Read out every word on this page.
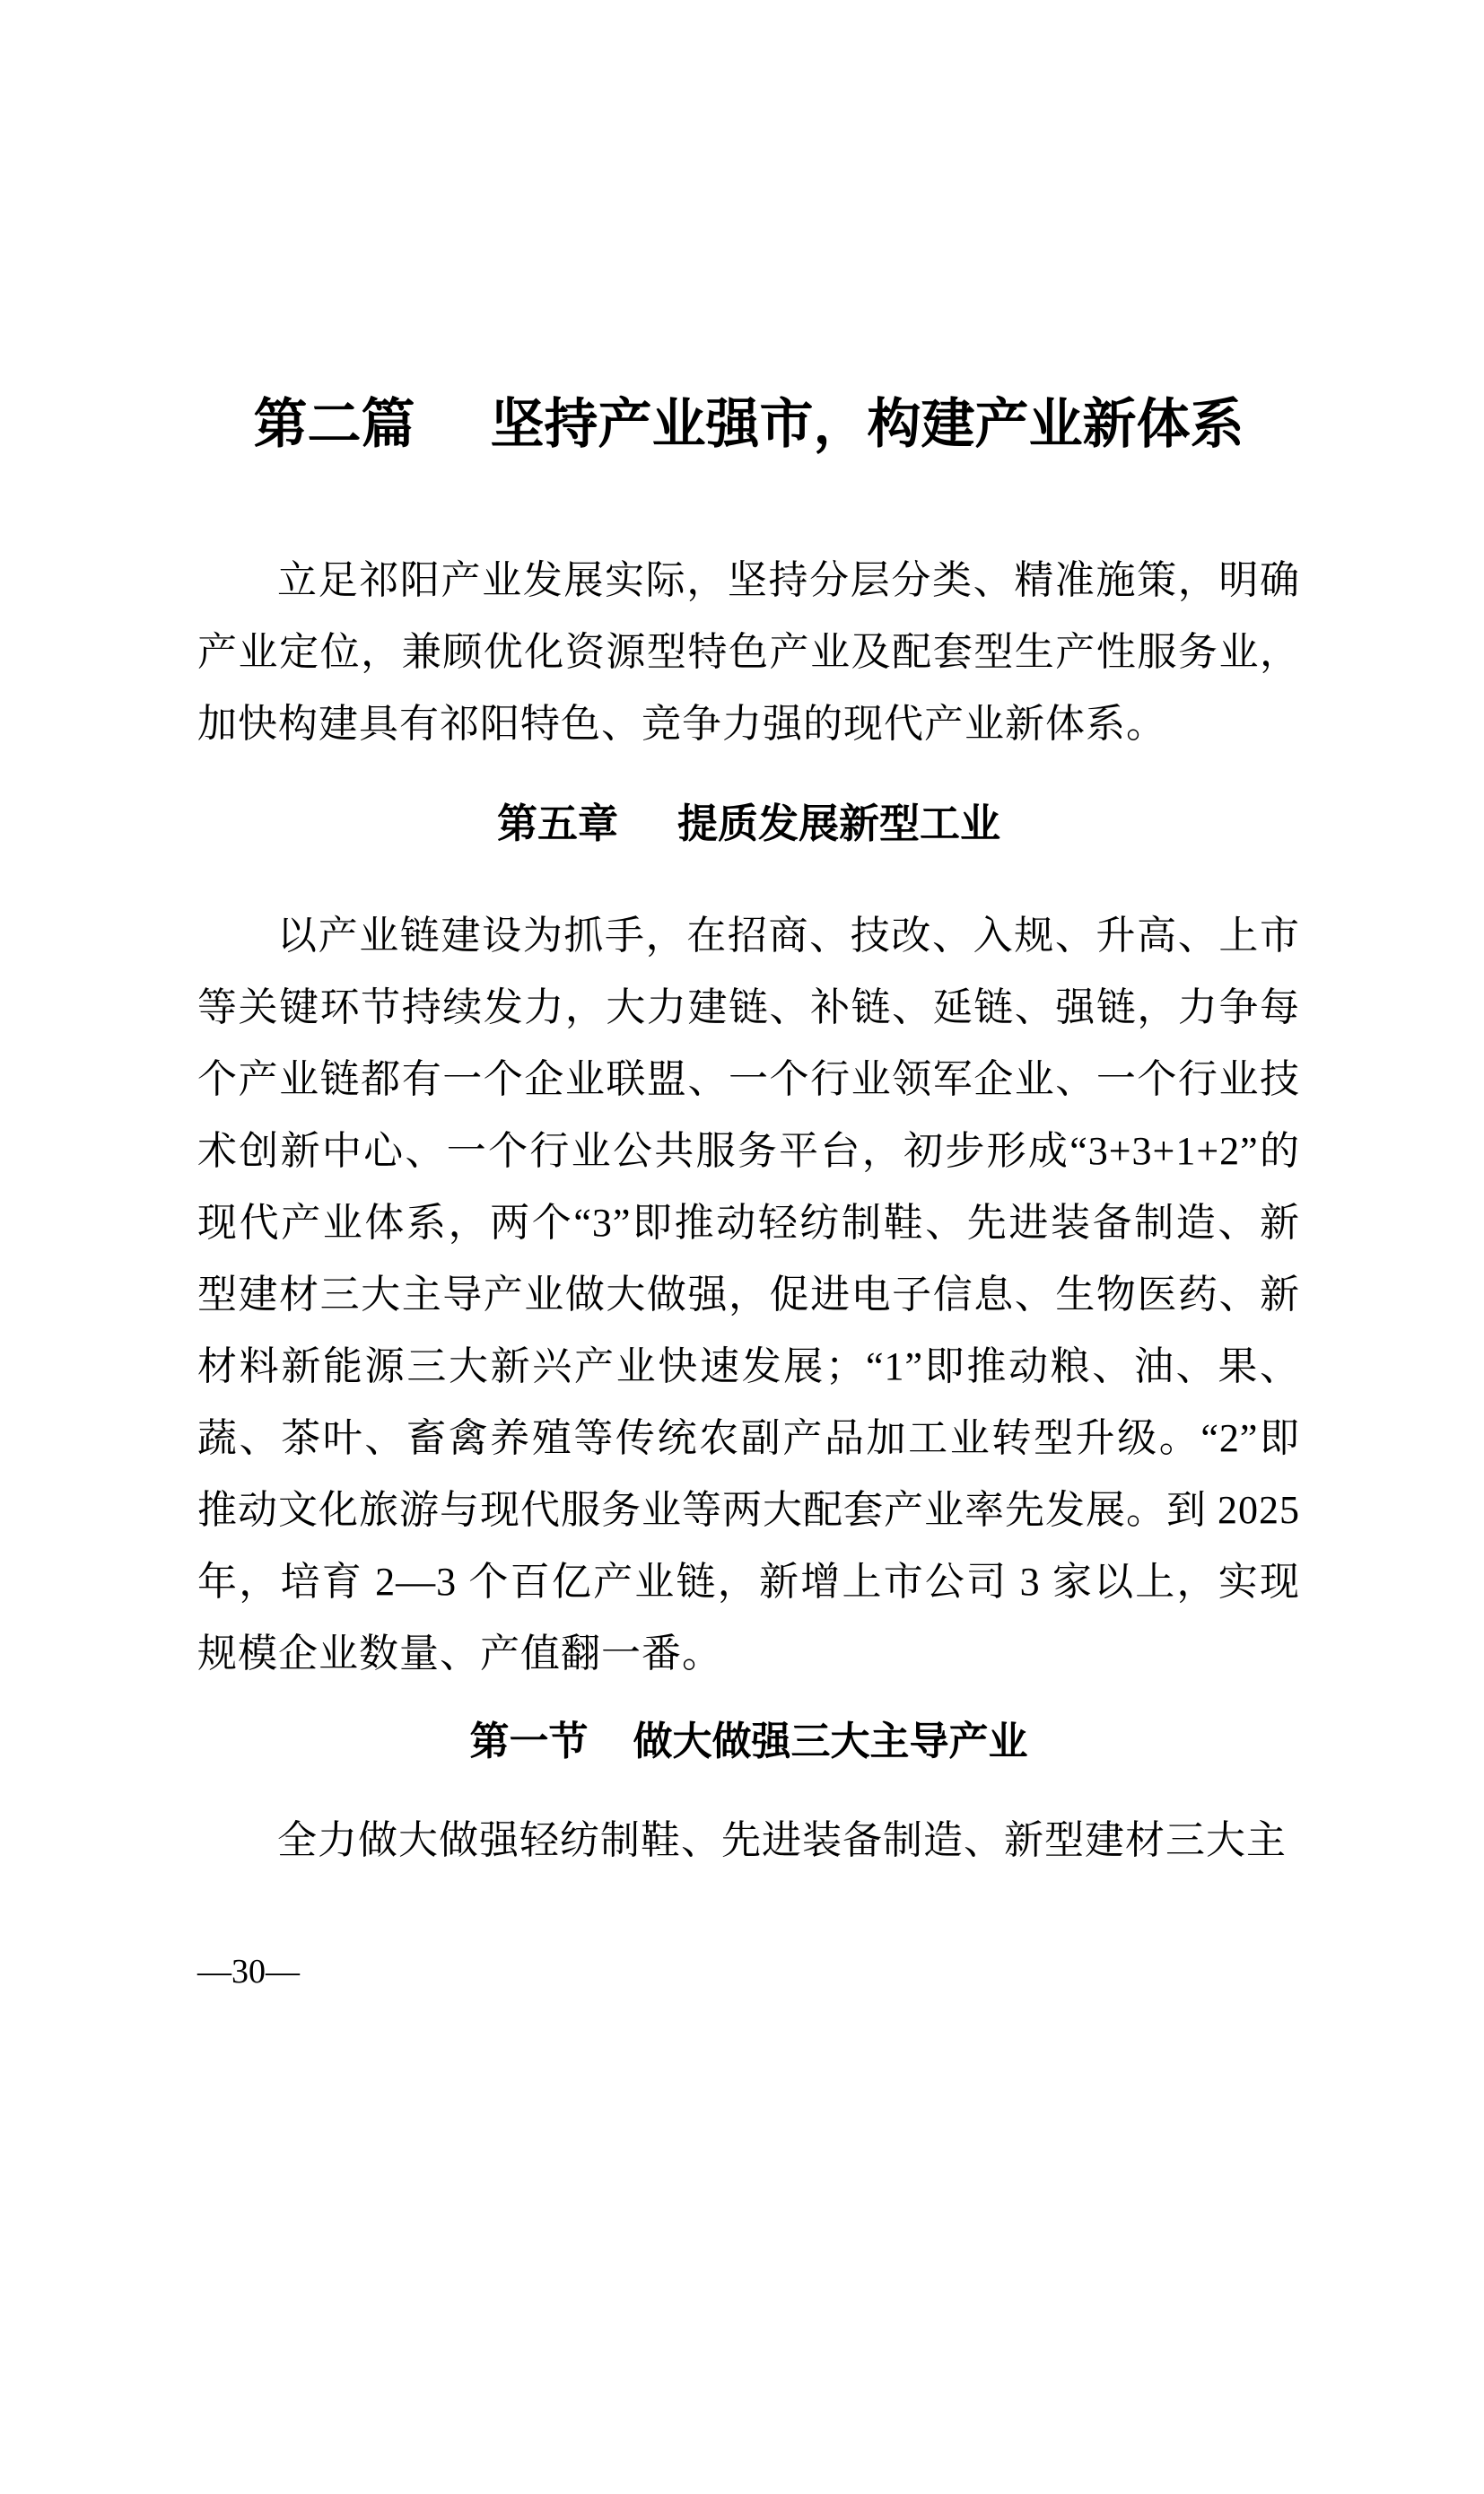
第二篇 坚持产业强市，构建产业新体系

立足祁阳产业发展实际，坚持分层分类、精准施策，明确产业定位，兼顾优化资源型特色产业及配套型生产性服务业，加快构建具有祁阳特色、竞争力强的现代产业新体系。

第五章 提质发展新型工业

以产业链建设为抓手，在招商、技改、入规、升高、上市等关键环节持续发力，大力建链、补链、延链、强链，力争每个产业链都有一个企业联盟、一个行业领军企业、一个行业技术创新中心、一个行业公共服务平台，初步形成“3+3+1+2”的现代产业体系，两个“3”即推动轻纺制鞋、先进装备制造、新型建材三大主导产业做大做强，促进电子信息、生物医药、新材料新能源三大新兴产业快速发展；“1”即推动粮、油、果、蔬、茶叶、畜禽养殖等传统农副产品加工业转型升级。“2”即推动文化旅游与现代服务业等两大配套产业率先发展。到 2025 年，培育 2—3 个百亿产业链，新增上市公司 3 家以上，实现规模企业数量、产值翻一番。

第一节 做大做强三大主导产业

全力做大做强轻纺制鞋、先进装备制造、新型建材三大主

—30—
